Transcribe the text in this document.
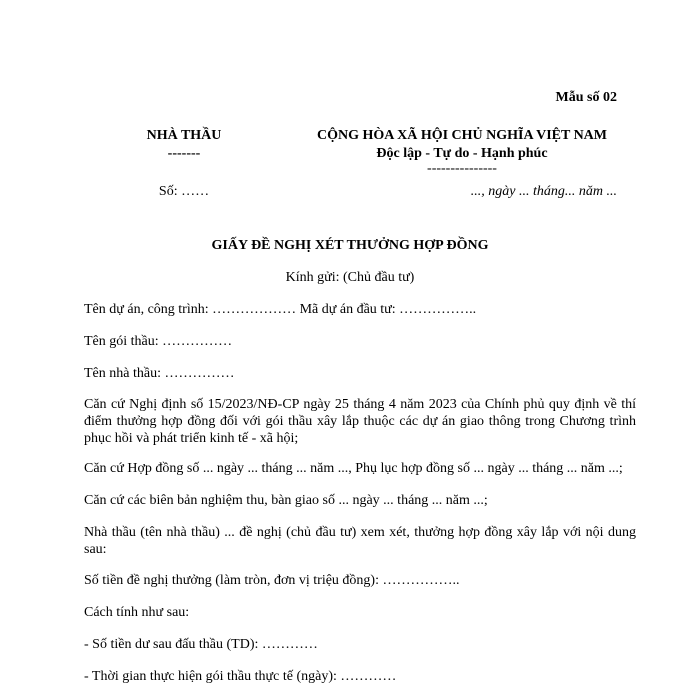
Mẫu số 02
NHÀ THẦU
-------
CỘNG HÒA XÃ HỘI CHỦ NGHĨA VIỆT NAM
Độc lập - Tự do - Hạnh phúc
---------------
Số: ……	..., ngày ... tháng... năm ...
GIẤY ĐỀ NGHỊ XÉT THƯỞNG HỢP ĐỒNG
Kính gửi: (Chủ đầu tư)
Tên dự án, công trình: ……………… Mã dự án đầu tư: ……………..
Tên gói thầu: ……………
Tên nhà thầu: ……………
Căn cứ Nghị định số 15/2023/NĐ-CP ngày 25 tháng 4 năm 2023 của Chính phủ quy định về thí điểm thưởng hợp đồng đối với gói thầu xây lắp thuộc các dự án giao thông trong Chương trình phục hồi và phát triển kinh tế - xã hội;
Căn cứ Hợp đồng số ... ngày ... tháng ... năm ..., Phụ lục hợp đồng số ... ngày ... tháng ... năm ...;
Căn cứ các biên bản nghiệm thu, bàn giao số ... ngày ... tháng ... năm ...;
Nhà thầu (tên nhà thầu) ... đề nghị (chủ đầu tư) xem xét, thưởng hợp đồng xây lắp với nội dung sau:
Số tiền đề nghị thưởng (làm tròn, đơn vị triệu đồng): ……………..
Cách tính như sau:
- Số tiền dư sau đấu thầu (TD): …………
- Thời gian thực hiện gói thầu thực tế (ngày): …………
